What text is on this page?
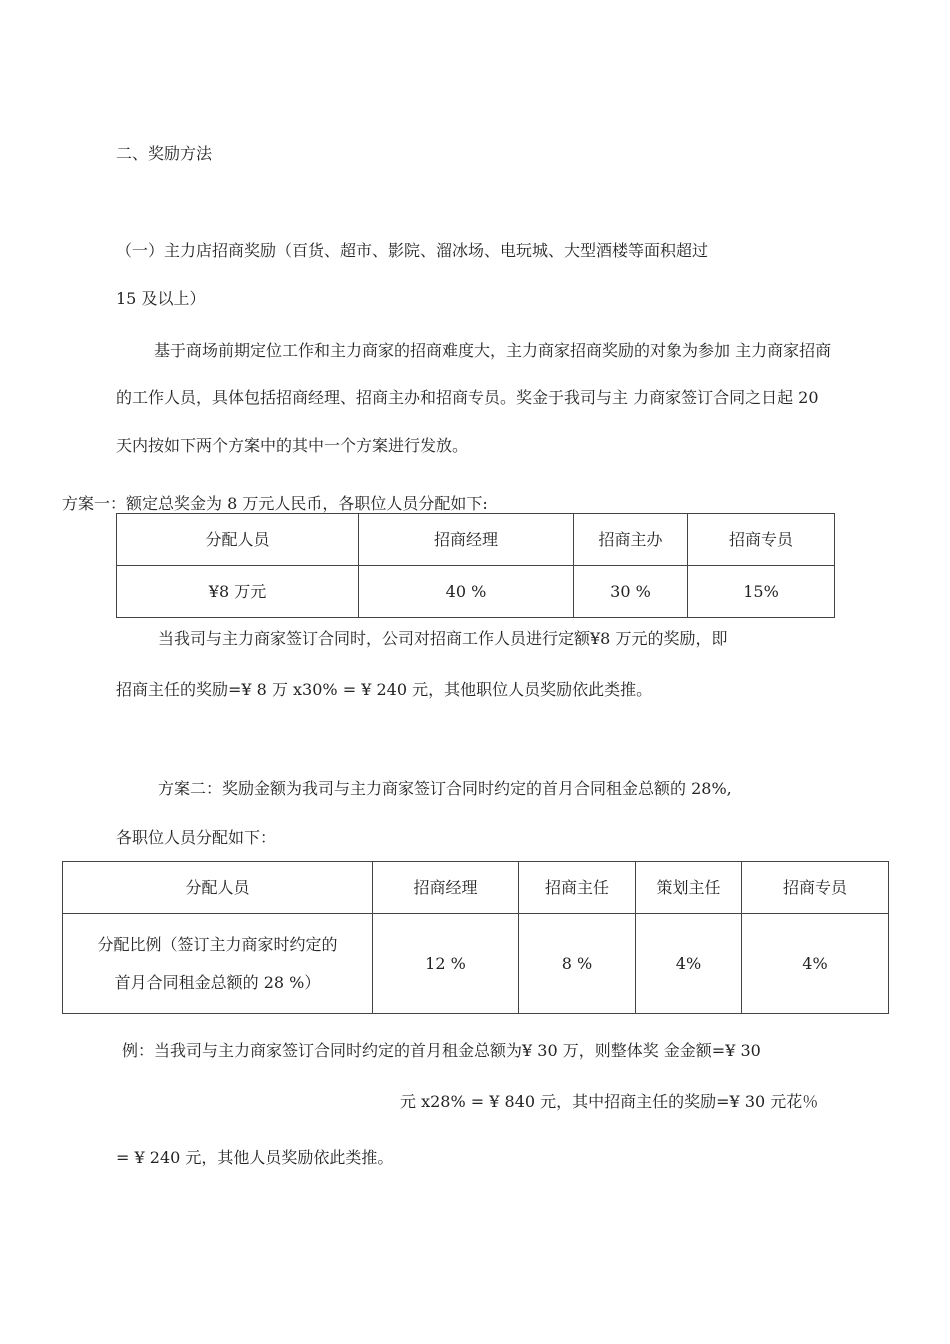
二、奖励方法
（一）主力店招商奖励（百货、超市、影院、溜冰场、电玩城、大型酒楼等面积超过
15 及以上）
基于商场前期定位工作和主力商家的招商难度大，主力商家招商奖励的对象为参加 主力商家招商
的工作人员，具体包括招商经理、招商主办和招商专员。奖金于我司与主 力商家签订合同之日起 20
天内按如下两个方案中的其中一个方案进行发放。
方案一：额定总奖金为 8 万元人民币，各职位人员分配如下:
分配人员	招商经理	招商主办	招商专员
¥8 万元	40 %	30 %	15%
当我司与主力商家签订合同时，公司对招商工作人员进行定额¥8 万元的奖励，即
招商主任的奖励=¥ 8 万 x30% = ¥ 240 元，其他职位人员奖励依此类推。
方案二：奖励金额为我司与主力商家签订合同时约定的首月合同租金总额的 28%,
各职位人员分配如下：
分配人员	招商经理	招商主任	策划主任	招商专员

分配比例（签订主力商家时约定的
首月合同租金总额的 28 %）	12 %	8 %	4%	4%
例：当我司与主力商家签订合同时约定的首月租金总额为¥ 30 万，则整体奖 金金额=¥ 30
元 x28% = ¥ 840 元，其中招商主任的奖励=¥ 30 元花％
= ¥ 240 元，其他人员奖励依此类推。
